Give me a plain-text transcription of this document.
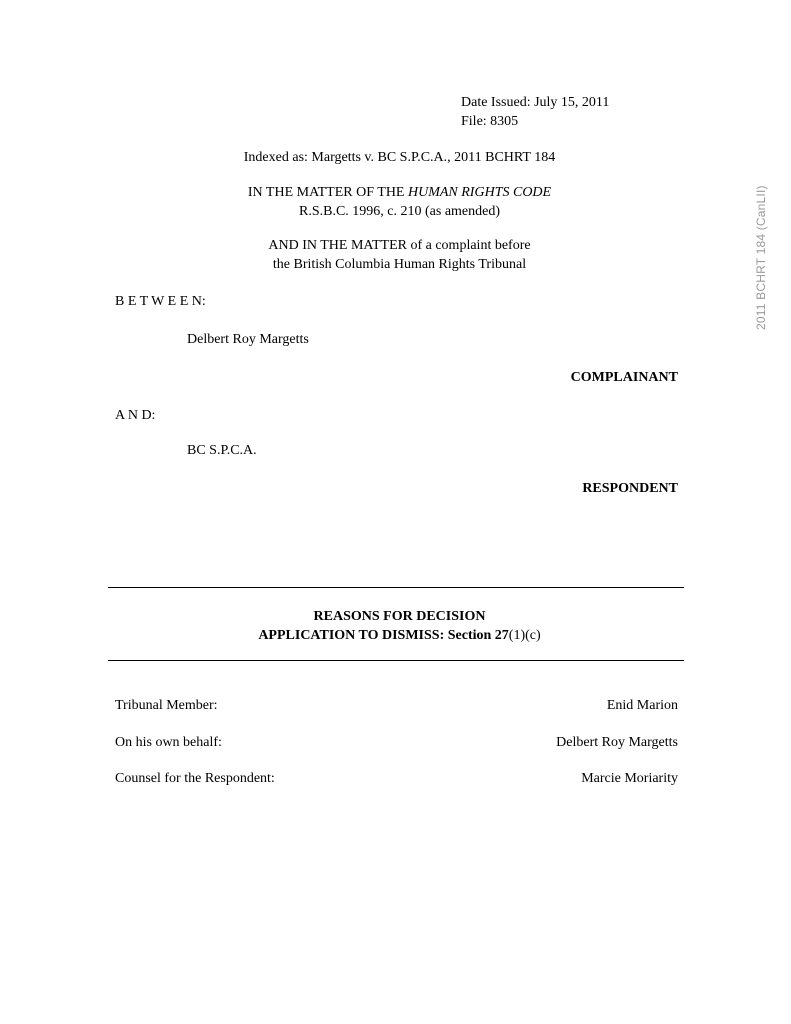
Date Issued: July 15, 2011
File: 8305
Indexed as: Margetts v. BC S.P.C.A., 2011 BCHRT 184
IN THE MATTER OF THE HUMAN RIGHTS CODE
R.S.B.C. 1996, c. 210 (as amended)
AND IN THE MATTER of a complaint before
the British Columbia Human Rights Tribunal
B E T W E E N:
Delbert Roy Margetts
COMPLAINANT
A N D:
BC S.P.C.A.
RESPONDENT
REASONS FOR DECISION
APPLICATION TO DISMISS: Section 27(1)(c)
Tribunal Member:	Enid Marion
On his own behalf:	Delbert Roy Margetts
Counsel for the Respondent:	Marcie Moriarity
2011 BCHRT 184 (CanLII)
